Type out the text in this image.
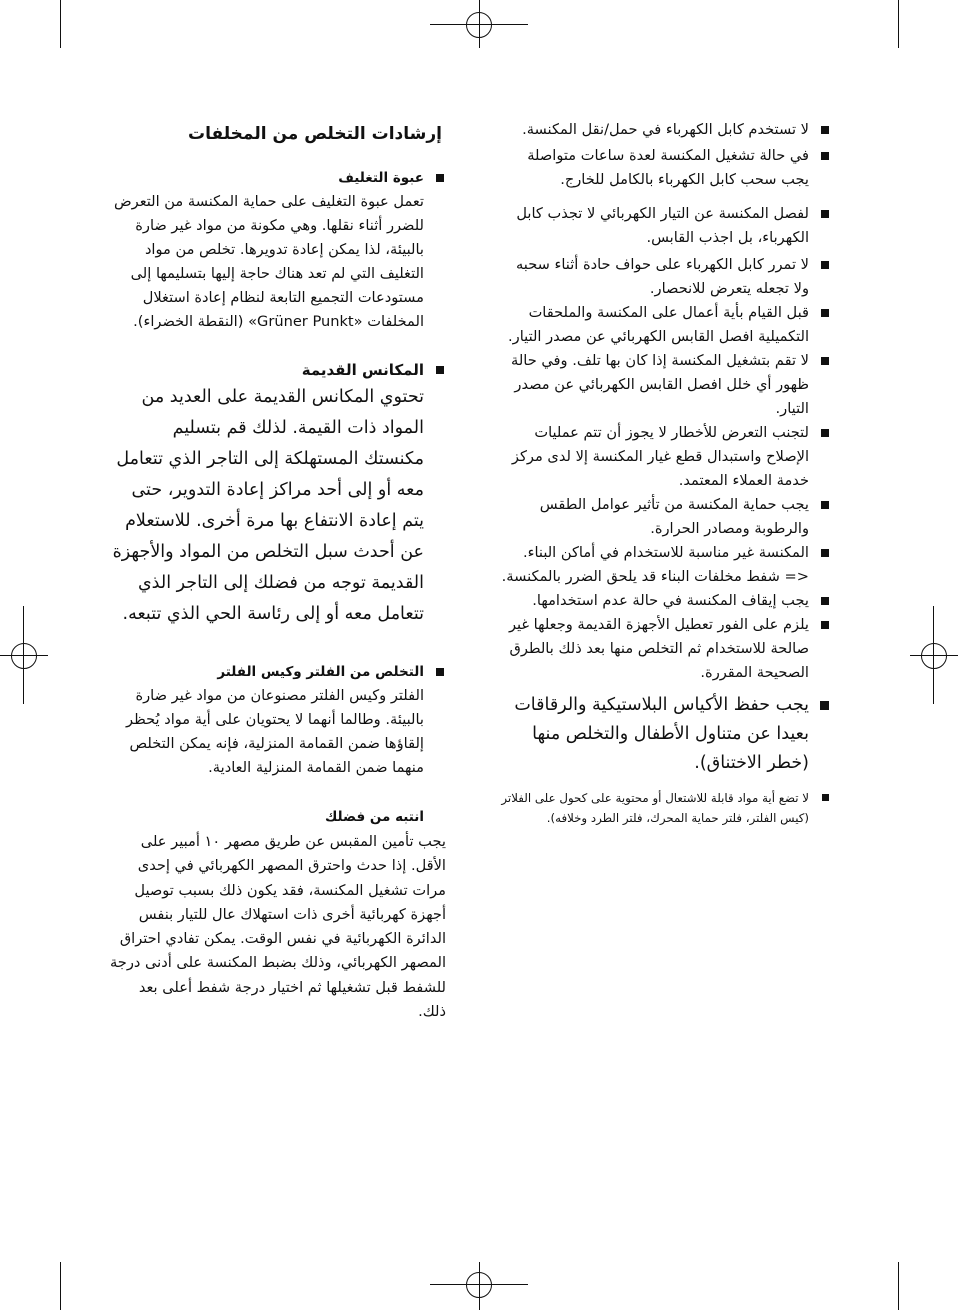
لا تستخدم كابل الكهرباء في حمل/نقل المكنسة.

في حالة تشغيل المكنسة لعدة ساعات متواصلة يجب سحب كابل الكهرباء بالكامل للخارج.

لفصل المكنسة عن التيار الكهربائي لا تجذب كابل الكهرباء، بل اجذب القابس.

لا تمرر كابل الكهرباء على حواف حادة أثناء سحبه ولا تجعله يتعرض للانحصار.

قبل القيام بأية أعمال على المكنسة والملحقات التكميلية افصل القابس الكهربائي عن مصدر التيار.

لا تقم بتشغيل المكنسة إذا كان بها تلف. وفي حالة ظهور أي خلل افصل القابس الكهربائي عن مصدر التيار.

لتجنب التعرض للأخطار لا يجوز أن تتم عمليات الإصلاح واستبدال قطع غيار المكنسة إلا لدى مركز خدمة العملاء المعتمد.

يجب حماية المكنسة من تأثير عوامل الطقس والرطوبة ومصادر الحرارة.

المكنسة غير مناسبة للاستخدام في أماكن البناء. <= شفط مخلفات البناء قد يلحق الضرر بالمكنسة.

يجب إيقاف المكنسة في حالة عدم استخدامها.

يلزم على الفور تعطيل الأجهزة القديمة وجعلها غير صالحة للاستخدام ثم التخلص منها بعد ذلك بالطرق الصحيحة المقررة.

يجب حفظ الأكياس البلاستيكية والرقاقات بعيدا عن متناول الأطفال والتخلص منها (خطر الاختناق).

لا تضع أية مواد قابلة للاشتعال أو محتوية على كحول على الفلاتر (كيس الفلتر، فلتر حماية المحرك، فلتر الطرد وخلافه).

إرشادات التخلص من المخلفات
عبوة التغليف
تعمل عبوة التغليف على حماية المكنسة من التعرض للضرر أثناء نقلها. وهي مكونة من مواد غير ضارة بالبيئة، لذا يمكن إعادة تدويرها. تخلص من مواد التغليف التي لم تعد هناك حاجة إليها بتسليمها إلى مستودعات التجميع التابعة لنظام إعادة استغلال المخلفات «Grüner Punkt» (النقطة الخضراء).
المكانس القديمة
تحتوي المكانس القديمة على العديد من المواد ذات القيمة. لذلك قم بتسليم مكنستك المستهلكة إلى التاجر الذي تتعامل معه أو إلى أحد مراكز إعادة التدوير، حتى يتم إعادة الانتفاع بها مرة أخرى. للاستعلام عن أحدث سبل التخلص من المواد والأجهزة القديمة توجه من فضلك إلى التاجر الذي تتعامل معه أو إلى رئاسة الحي الذي تتبعه.
التخلص من الفلتر وكيس الفلتر
الفلتر وكيس الفلتر مصنوعان من مواد غير ضارة بالبيئة. وطالما أنهما لا يحتويان على أية مواد يُحظر إلقاؤها ضمن القمامة المنزلية، فإنه يمكن التخلص منهما ضمن القمامة المنزلية العادية.
انتبه من فضلك
يجب تأمين المقبس عن طريق مصهر ١٠ أمبير على الأقل. إذا حدث واحترق المصهر الكهربائي في إحدى مرات تشغيل المكنسة، فقد يكون ذلك بسبب توصيل أجهزة كهربائية أخرى ذات استهلاك عال للتيار بنفس الدائرة الكهربائية في نفس الوقت. يمكن تفادي احتراق المصهر الكهربائي، وذلك بضبط المكنسة على أدنى درجة للشفط قبل تشغيلها ثم اختيار درجة شفط أعلى بعد ذلك.
